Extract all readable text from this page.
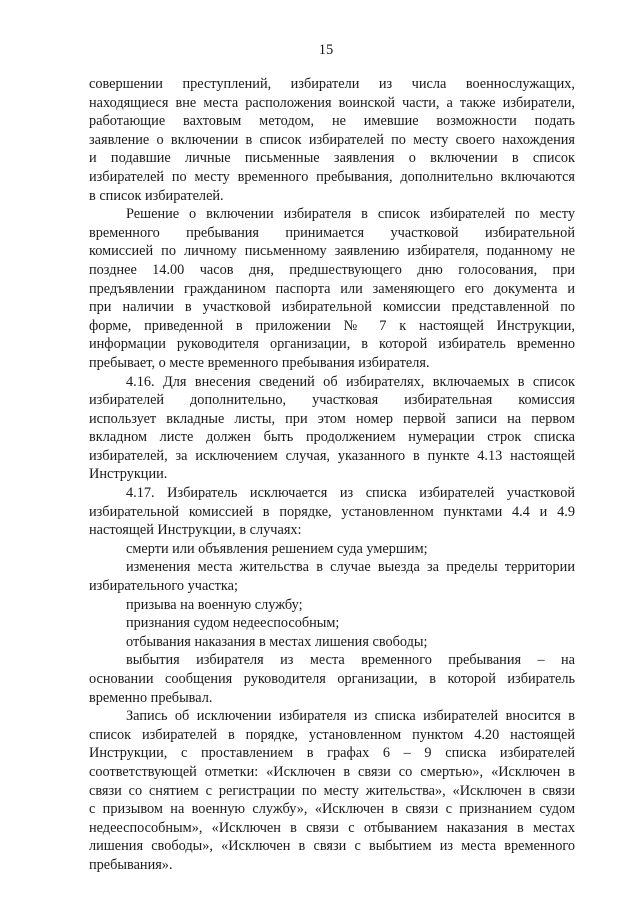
15
совершении преступлений, избиратели из числа военнослужащих,
находящиеся вне места расположения воинской части, а также избиратели,
работающие вахтовым методом, не имевшие возможности подать
заявление о включении в список избирателей по месту своего нахождения
и подавшие личные письменные заявления о включении в список
избирателей по месту временного пребывания, дополнительно включаются
в список избирателей.
Решение о включении избирателя в список избирателей по месту
временного пребывания принимается участковой избирательной
комиссией по личному письменному заявлению избирателя, поданному не
позднее 14.00 часов дня, предшествующего дню голосования, при
предъявлении гражданином паспорта или заменяющего его документа и
при наличии в участковой избирательной комиссии представленной по
форме, приведенной в приложении № 7 к настоящей Инструкции,
информации руководителя организации, в которой избиратель временно
пребывает, о месте временного пребывания избирателя.
4.16. Для внесения сведений об избирателях, включаемых в список
избирателей дополнительно, участковая избирательная комиссия
использует вкладные листы, при этом номер первой записи на первом
вкладном листе должен быть продолжением нумерации строк списка
избирателей, за исключением случая, указанного в пункте 4.13 настоящей
Инструкции.
4.17. Избиратель исключается из списка избирателей участковой
избирательной комиссией в порядке, установленном пунктами 4.4 и 4.9
настоящей Инструкции, в случаях:
смерти или объявления решением суда умершим;
изменения места жительства в случае выезда за пределы территории
избирательного участка;
призыва на военную службу;
признания судом недееспособным;
отбывания наказания в местах лишения свободы;
выбытия избирателя из места временного пребывания – на
основании сообщения руководителя организации, в которой избиратель
временно пребывал.
Запись об исключении избирателя из списка избирателей вносится в
список избирателей в порядке, установленном пунктом 4.20 настоящей
Инструкции, с проставлением в графах 6 – 9 списка избирателей
соответствующей отметки: «Исключен в связи со смертью», «Исключен в
связи со снятием с регистрации по месту жительства», «Исключен в связи
с призывом на военную службу», «Исключен в связи с признанием судом
недееспособным», «Исключен в связи с отбыванием наказания в местах
лишения свободы», «Исключен в связи с выбытием из места временного
пребывания».
